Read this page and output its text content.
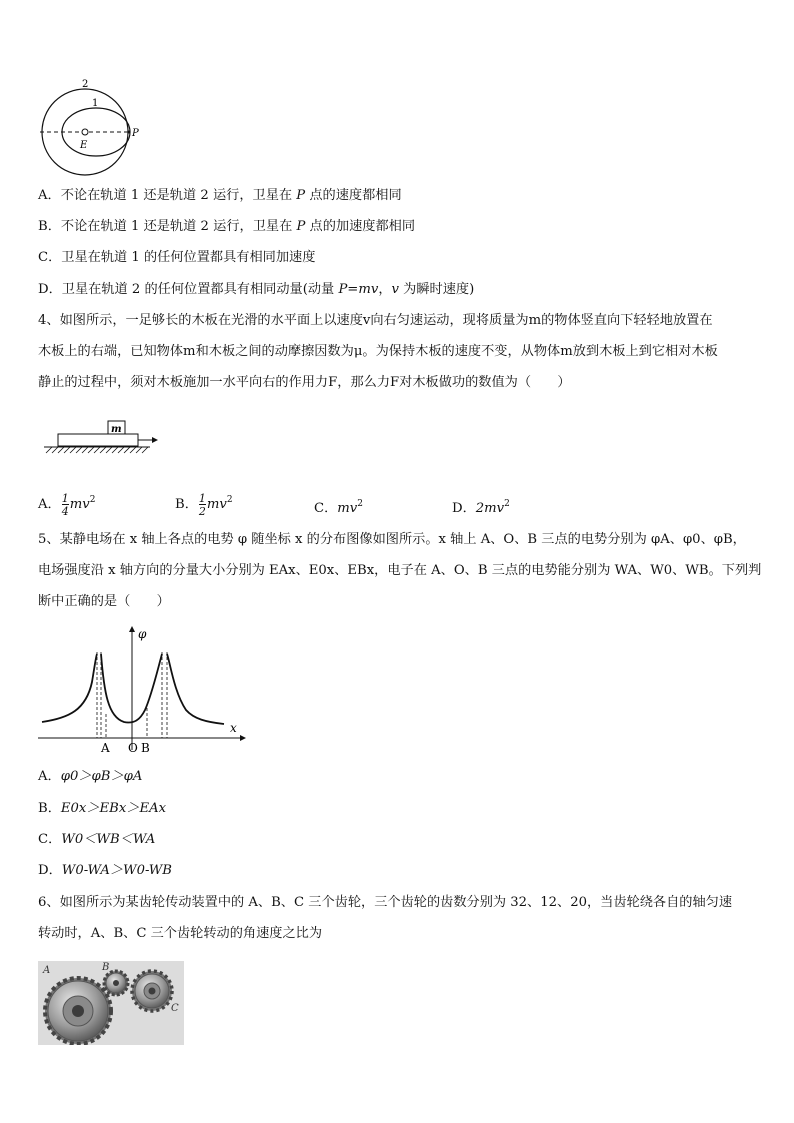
2
1
E
P
A．不论在轨道 1 还是轨道 2 运行，卫星在 P 点的速度都相同
B．不论在轨道 1 还是轨道 2 运行，卫星在 P 点的加速度都相同
C．卫星在轨道 1 的任何位置都具有相同加速度
D．卫星在轨道 2 的任何位置都具有相同动量(动量 P=mv，v 为瞬时速度)
4、如图所示，一足够长的木板在光滑的水平面上以速度v向右匀速运动，现将质量为m的物体竖直向下轻轻地放置在
木板上的右端，已知物体m和木板之间的动摩擦因数为μ。为保持木板的速度不变，从物体m放到木板上到它相对木板
静止的过程中，须对木板施加一水平向右的作用力F，那么力F对木板做功的数值为（　　）
m
A． $\frac{1}{4} mv^2$	B． $\frac{1}{2} mv^2$
C．$mv^2$	D．$2mv^2$
5、某静电场在 x 轴上各点的电势 φ 随坐标 x 的分布图像如图所示。x 轴上 A、O、B 三点的电势分别为 φA、φ0、φB，
电场强度沿 x 轴方向的分量大小分别为 EAx、E0x、EBx，电子在 A、O、B 三点的电势能分别为 WA、W0、WB。下列判
断中正确的是（　　）
φ
x
A O B
A．φ0＞φB＞φA
B．E0x＞EBx＞EAx
C．W0＜WB＜WA
D．W0-WA＞W0-WB
6、如图所示为某齿轮传动装置中的 A、B、C 三个齿轮，三个齿轮的齿数分别为 32、12、20，当齿轮绕各自的轴匀速
转动时，A、B、C 三个齿轮转动的角速度之比为
A	B
C
